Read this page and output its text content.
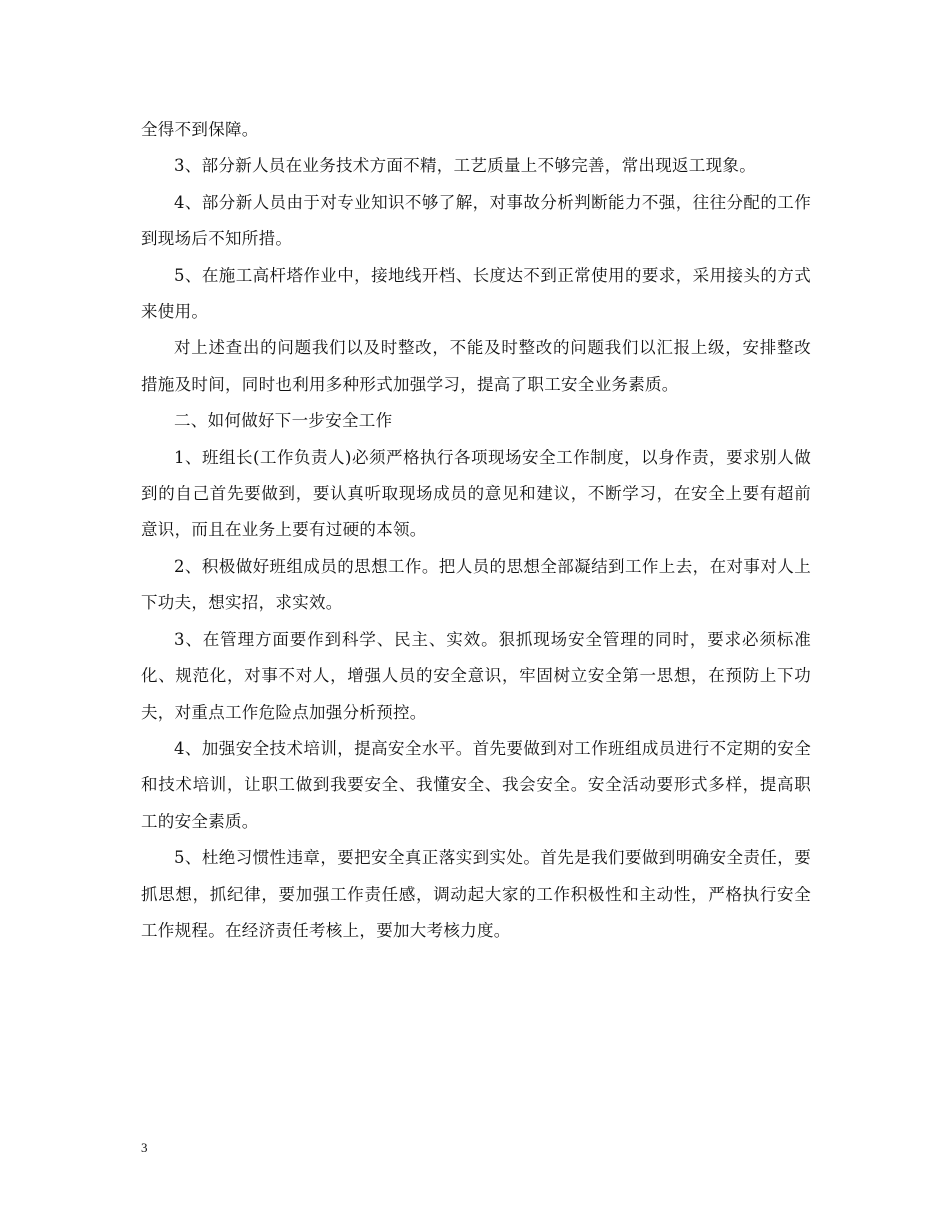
全得不到保障。

3、部分新人员在业务技术方面不精，工艺质量上不够完善，常出现返工现象。

4、部分新人员由于对专业知识不够了解，对事故分析判断能力不强，往往分配的工作到现场后不知所措。

5、在施工高杆塔作业中，接地线开档、长度达不到正常使用的要求，采用接头的方式来使用。

对上述查出的问题我们以及时整改，不能及时整改的问题我们以汇报上级，安排整改措施及时间，同时也利用多种形式加强学习，提高了职工安全业务素质。

二、如何做好下一步安全工作

1、班组长(工作负责人)必须严格执行各项现场安全工作制度，以身作责，要求别人做到的自己首先要做到，要认真听取现场成员的意见和建议，不断学习，在安全上要有超前意识，而且在业务上要有过硬的本领。

2、积极做好班组成员的思想工作。把人员的思想全部凝结到工作上去，在对事对人上下功夫，想实招，求实效。

3、在管理方面要作到科学、民主、实效。狠抓现场安全管理的同时，要求必须标准化、规范化，对事不对人，增强人员的安全意识，牢固树立安全第一思想，在预防上下功夫，对重点工作危险点加强分析预控。

4、加强安全技术培训，提高安全水平。首先要做到对工作班组成员进行不定期的安全和技术培训，让职工做到我要安全、我懂安全、我会安全。安全活动要形式多样，提高职工的安全素质。

5、杜绝习惯性违章，要把安全真正落实到实处。首先是我们要做到明确安全责任，要抓思想，抓纪律，要加强工作责任感，调动起大家的工作积极性和主动性，严格执行安全工作规程。在经济责任考核上，要加大考核力度。

3
